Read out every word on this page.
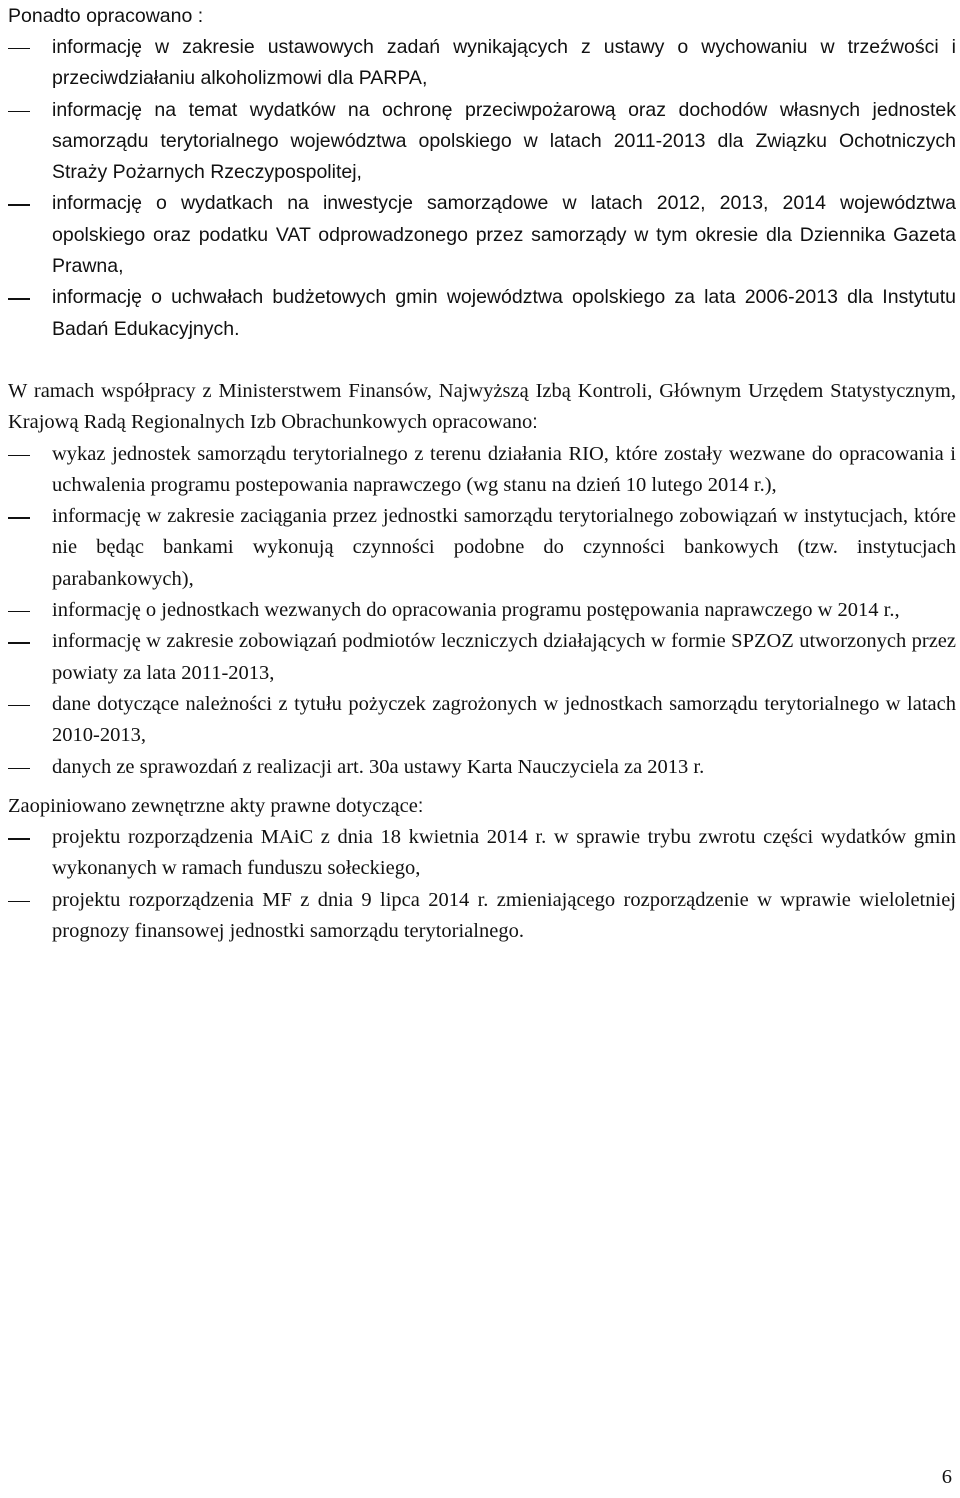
Ponadto opracowano :

informację w zakresie ustawowych zadań wynikających z ustawy o wychowaniu w trzeźwości i przeciwdziałaniu alkoholizmowi dla PARPA,
informację na temat wydatków na ochronę przeciwpożarową oraz dochodów własnych jednostek samorządu terytorialnego województwa opolskiego w latach 2011-2013 dla Związku Ochotniczych Straży Pożarnych Rzeczypospolitej,
informację o wydatkach na inwestycje samorządowe w latach 2012, 2013, 2014 województwa opolskiego oraz podatku VAT odprowadzonego przez samorządy w tym okresie dla Dziennika Gazeta Prawna,
informację o uchwałach budżetowych gmin województwa opolskiego za lata 2006-2013 dla Instytutu Badań Edukacyjnych.

W ramach współpracy z Ministerstwem Finansów, Najwyższą Izbą Kontroli, Głównym Urzędem Statystycznym, Krajową Radą Regionalnych Izb Obrachunkowych opracowano:

wykaz jednostek samorządu terytorialnego z terenu działania RIO, które zostały wezwane do opracowania i uchwalenia programu postepowania naprawczego (wg stanu na dzień 10 lutego 2014 r.),
informację w zakresie zaciągania przez jednostki samorządu terytorialnego zobowiązań w instytucjach, które nie będąc bankami wykonują czynności podobne do czynności bankowych (tzw. instytucjach parabankowych),
informację o jednostkach wezwanych do opracowania programu postępowania naprawczego w 2014 r.,
informację w zakresie zobowiązań podmiotów leczniczych działających w formie SPZOZ utworzonych przez powiaty za lata 2011-2013,
dane dotyczące należności z tytułu pożyczek zagrożonych w jednostkach samorządu terytorialnego w latach 2010-2013,
danych ze sprawozdań z realizacji art. 30a ustawy Karta Nauczyciela za 2013 r.

Zaopiniowano zewnętrzne akty prawne dotyczące:

projektu rozporządzenia MAiC z dnia 18 kwietnia 2014 r. w sprawie trybu zwrotu części wydatków gmin wykonanych w ramach funduszu sołeckiego,
projektu rozporządzenia MF z dnia 9 lipca 2014 r. zmieniającego rozporządzenie w wprawie wieloletniej prognozy finansowej jednostki samorządu terytorialnego.
6
